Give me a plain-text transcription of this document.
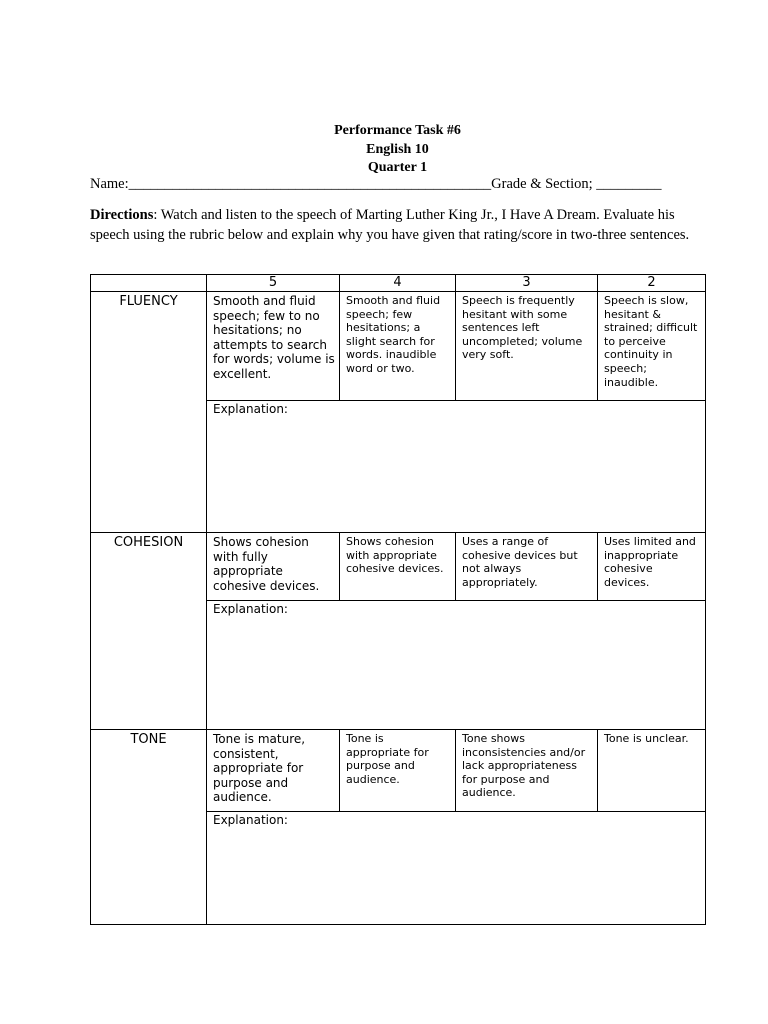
Performance Task #6
English 10
Quarter 1
Name:__________________________________________________Grade & Section; _________
Directions: Watch and listen to the speech of Marting Luther King Jr., I Have A Dream. Evaluate his speech using the rubric below and explain why you have given that rating/score in two-three sentences.
	5	4	3	2
FLUENCY	Smooth and fluid speech; few to no hesitations; no attempts to search for words; volume is excellent.	Smooth and fluid speech; few hesitations; a slight search for words. inaudible word or two.	Speech is frequently hesitant with some sentences left uncompleted; volume very soft.	Speech is slow, hesitant & strained; difficult to perceive continuity in speech; inaudible.
	Explanation:			
COHESION	Shows cohesion with fully appropriate cohesive devices.	Shows cohesion with appropriate cohesive devices.	Uses a range of cohesive devices but not always appropriately.	Uses limited and inappropriate cohesive devices.
	Explanation:			
TONE	Tone is mature, consistent, appropriate for purpose and audience.	Tone is appropriate for purpose and audience.	Tone shows inconsistencies and/or lack appropriateness for purpose and audience.	Tone is unclear.
	Explanation:			
